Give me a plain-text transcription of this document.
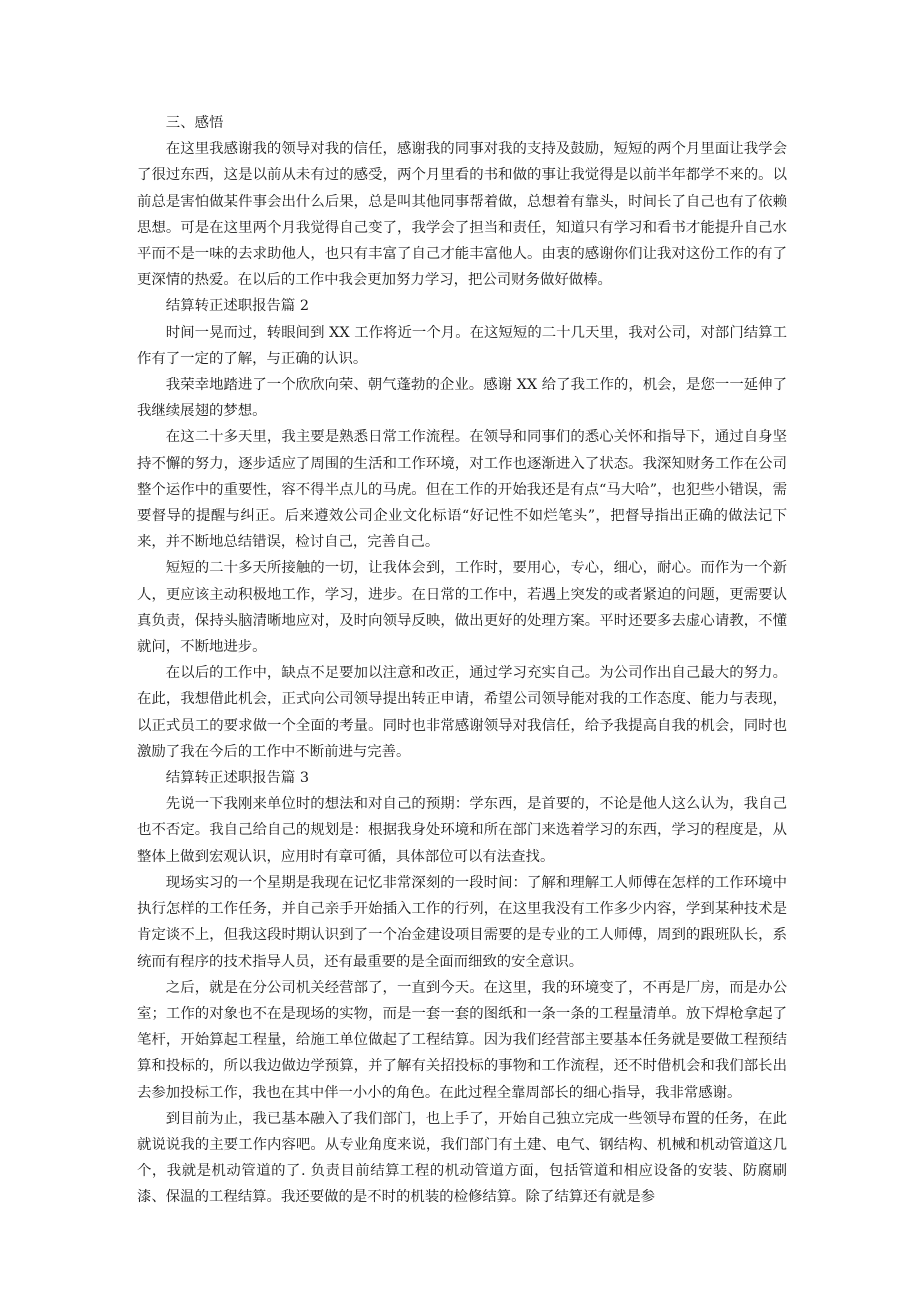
三、感悟

在这里我感谢我的领导对我的信任，感谢我的同事对我的支持及鼓励，短短的两个月里面让我学会了很过东西，这是以前从未有过的感受，两个月里看的书和做的事让我觉得是以前半年都学不来的。以前总是害怕做某件事会出什么后果，总是叫其他同事帮着做，总想着有靠头，时间长了自己也有了依赖思想。可是在这里两个月我觉得自己变了，我学会了担当和责任，知道只有学习和看书才能提升自己水平而不是一味的去求助他人，也只有丰富了自己才能丰富他人。由衷的感谢你们让我对这份工作的有了更深情的热爱。在以后的工作中我会更加努力学习，把公司财务做好做棒。

结算转正述职报告篇 2

时间一晃而过，转眼间到 XX 工作将近一个月。在这短短的二十几天里，我对公司，对部门结算工作有了一定的了解，与正确的认识。

我荣幸地踏进了一个欣欣向荣、朝气蓬勃的企业。感谢 XX 给了我工作的，机会，是您一一延伸了我继续展翅的梦想。

在这二十多天里，我主要是熟悉日常工作流程。在领导和同事们的悉心关怀和指导下，通过自身坚持不懈的努力，逐步适应了周围的生活和工作环境，对工作也逐渐进入了状态。我深知财务工作在公司整个运作中的重要性，容不得半点儿的马虎。但在工作的开始我还是有点“马大哈”，也犯些小错误，需要督导的提醒与纠正。后来遵效公司企业文化标语“好记性不如烂笔头”，把督导指出正确的做法记下来，并不断地总结错误，检讨自己，完善自己。

短短的二十多天所接触的一切，让我体会到，工作时，要用心，专心，细心，耐心。而作为一个新人，更应该主动积极地工作，学习，进步。在日常的工作中，若遇上突发的或者紧迫的问题，更需要认真负责，保持头脑清晰地应对，及时向领导反映，做出更好的处理方案。平时还要多去虚心请教，不懂就问，不断地进步。

在以后的工作中，缺点不足要加以注意和改正，通过学习充实自己。为公司作出自己最大的努力。在此，我想借此机会，正式向公司领导提出转正申请，希望公司领导能对我的工作态度、能力与表现，以正式员工的要求做一个全面的考量。同时也非常感谢领导对我信任，给予我提高自我的机会，同时也激励了我在今后的工作中不断前进与完善。

结算转正述职报告篇 3

先说一下我刚来单位时的想法和对自己的预期：学东西，是首要的，不论是他人这么认为，我自己也不否定。我自己给自己的规划是：根据我身处环境和所在部门来选着学习的东西，学习的程度是，从整体上做到宏观认识，应用时有章可循，具体部位可以有法查找。

现场实习的一个星期是我现在记忆非常深刻的一段时间：了解和理解工人师傅在怎样的工作环境中执行怎样的工作任务，并自己亲手开始插入工作的行列，在这里我没有工作多少内容，学到某种技术是肯定谈不上，但我这段时期认识到了一个冶金建设项目需要的是专业的工人师傅，周到的跟班队长，系统而有程序的技术指导人员，还有最重要的是全面而细致的安全意识。

之后，就是在分公司机关经营部了，一直到今天。在这里，我的环境变了，不再是厂房，而是办公室；工作的对象也不在是现场的实物，而是一套一套的图纸和一条一条的工程量清单。放下焊枪拿起了笔杆，开始算起工程量，给施工单位做起了工程结算。因为我们经营部主要基本任务就是要做工程预结算和投标的，所以我边做边学预算，并了解有关招投标的事物和工作流程，还不时借机会和我们部长出去参加投标工作，我也在其中伴一小小的角色。在此过程全靠周部长的细心指导，我非常感谢。

到目前为止，我已基本融入了我们部门，也上手了，开始自己独立完成一些领导布置的任务，在此就说说我的主要工作内容吧。从专业角度来说，我们部门有土建、电气、钢结构、机械和机动管道这几个，我就是机动管道的了. 负责目前结算工程的机动管道方面，包括管道和相应设备的安装、防腐刷漆、保温的工程结算。我还要做的是不时的机装的检修结算。除了结算还有就是参
